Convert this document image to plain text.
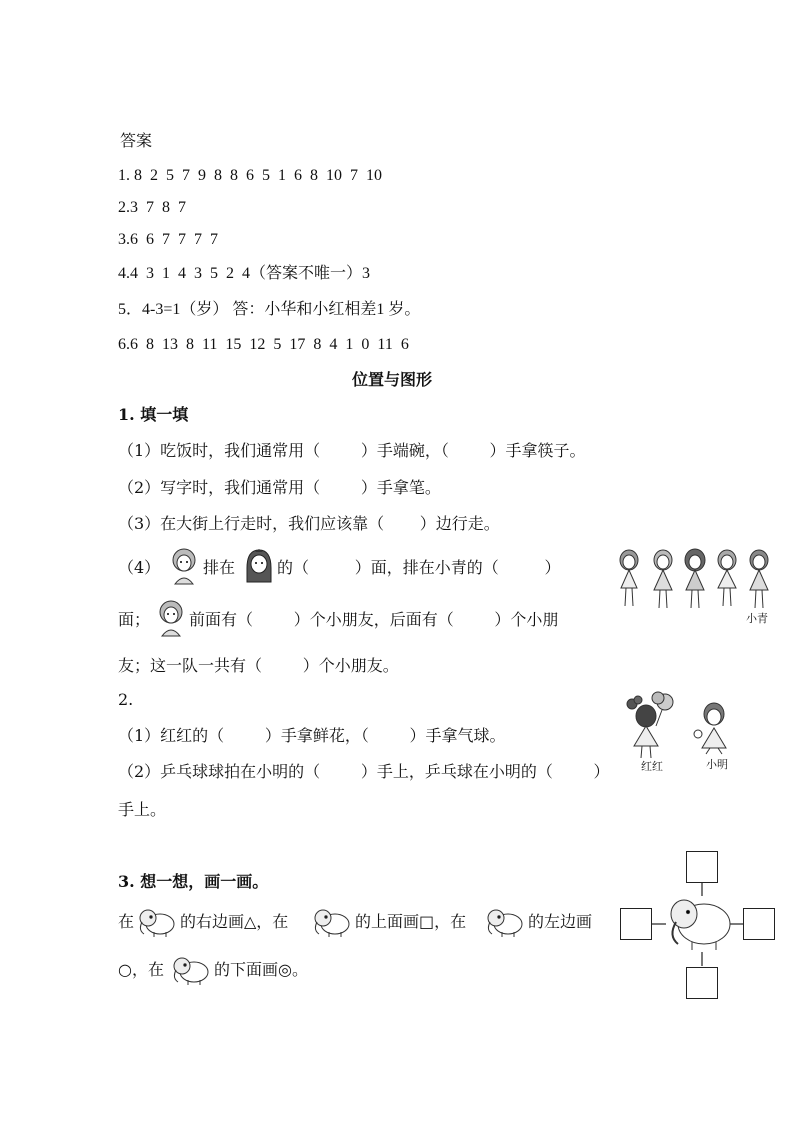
答案
1. 8  2  5  7  9  8  8  6  5  1  6  8  10  7  10
2.3  7  8  7
3.6  6  7  7  7  7
4.4  3  1  4  3  5  2  4（答案不唯一）3
5．4-3=1（岁） 答：小华和小红相差1 岁。
6.6  8  13  8  11  15  12  5  17  8  4  1  0  11  6
位置与图形
1. 填一填
（1）吃饭时，我们通常用（        ）手端碗，（        ）手拿筷子。
（2）写字时，我们通常用（        ）手拿笔。
（3）在大街上行走时，我们应该靠（       ）边行走。
（4）	排在	的（         ）面，排在小青的（         ）
面； 前面有（        ）个小朋友，后面有（        ）个小朋
友；这一队一共有（        ）个小朋友。
小青
2.
（1）红红的（        ）手拿鲜花，（        ）手拿气球。
（2）乒乓球球拍在小明的（        ）手上，乒乓球在小明的（        ）
手上。
红红	小明
3. 想一想，画一画。
在	的右边画△，在	的上面画□，在	的左边画
○，在	的下面画◎。
